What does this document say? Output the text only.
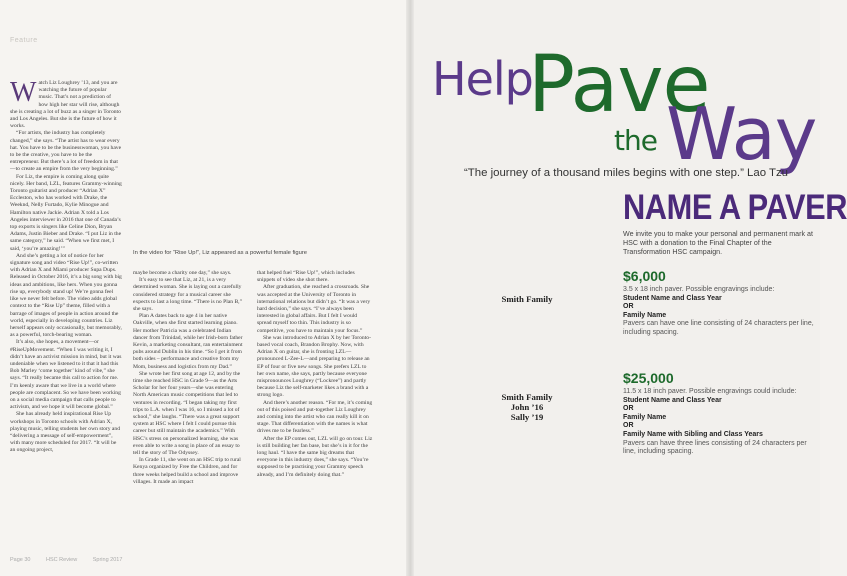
Feature

Watch Liz Loughrey ’13, and you are watching the future of popular music. That’s not a prediction of how high her star will rise, although she is creating a lot of buzz as a singer in Toronto and Los Angeles. But she is the future of how it works.

“For artists, the industry has completely changed,” she says. “The artist has to wear every hat. You have to be the businesswoman, you have to be the creative, you have to be the entrepreneur. But there’s a lot of freedom in that—to create an empire from the very beginning.”

For Liz, the empire is coming along quite nicely. Her band, LZL, features Grammy-winning Toronto guitarist and producer “Adrian X” Eccleston, who has worked with Drake, the Weeknd, Nelly Furtado, Kylie Minogue and Hamilton native Jackie. Adrian X told a Los Angeles interviewer in 2016 that one of Canada’s top exports is singers like Celine Dion, Bryan Adams, Justin Bieber and Drake. “I put Liz in the same category,” he said. “When we first met, I said, ‘you’re amazing!’”

And she’s getting a lot of notice for her signature song and video “Rise Up!”, co-written with Adrian X and Miami producer Supa Dups. Released in October 2016, it’s a big song with big ideas and ambitions, like hers. When you gonna rise up, everybody stand up! We’re gonna feel like we never felt before. The video adds global context to the “Rise Up” theme, filled with a barrage of images of people in action around the world, especially in developing countries. Liz herself appears only occasionally, but memorably, as a powerful, torch-bearing woman.

It’s also, she hopes, a movement—or #RiseUpMovement. “When I was writing it, I didn’t have an activist mission in mind, but it was undeniable when we listened to it that it had this Bob Marley ‘come together’ kind of vibe,” she says. “It really became this call to action for me. I’m keenly aware that we live in a world where people are complacent. So we have been working on a social media campaign that calls people to activism, and we hope it will become global.”

She has already held inspirational Rise Up workshops in Toronto schools with Adrian X, playing music, telling students her own story and “delivering a message of self-empowerment”, with many more scheduled for 2017. “It will be an ongoing project,

In the video for “Rise Up!”, Liz appeared as a powerful female figure

maybe become a charity one day,” she says.

It’s easy to see that Liz, at 21, is a very determined woman. She is laying out a carefully considered strategy for a musical career she expects to last a long time. “There is no Plan B,” she says.

Plan A dates back to age 4 in her native Oakville, when she first started learning piano. Her mother Patricia was a celebrated Indian dancer from Trinidad, while her Irish-born father Kevin, a marketing consultant, ran entertainment pubs around Dublin in his time. “So I get it from both sides – performance and creative from my Mom, business and logistics from my Dad.”

She wrote her first song at age 12, and by the time she reached HSC in Grade 9—as the Arts Scholar for her four years—she was entering North American music competitions that led to ventures in recording. “I began taking my first trips to L.A. when I was 16, so I missed a lot of school,” she laughs. “There was a great support system at HSC where I felt I could pursue this career but still maintain the academics.” With HSC’s stress on personalized learning, she was even able to write a song in place of an essay to tell the story of The Odyssey.

In Grade 11, she went on an HSC trip to rural Kenya organized by Free the Children, and for three weeks helped build a school and improve villages. It made an impact

that helped fuel “Rise Up!”, which includes snippets of video she shot there.

After graduation, she reached a crossroads. She was accepted at the University of Toronto in international relations but didn’t go. “It was a very hard decision,” she says. “I’ve always been interested in global affairs. But I felt I would spread myself too thin. This industry is so competitive, you have to maintain your focus.”

She was introduced to Adrian X by her Toronto-based vocal coach, Brandon Brophy. Now, with Adrian X on guitar, she is fronting LZL—pronounced L-Zee-L—and preparing to release an EP of four or five new songs. She prefers LZL to her own name, she says, partly because everyone mispronounces Loughrey (“Lockree”) and partly because Liz the self-marketer likes a brand with a strong logo.

And there’s another reason. “For me, it’s coming out of this poised and put-together Liz Loughrey and coming into the artist who can really kill it on stage. That differentiation with the names is what drives me to be fearless.”

After the EP comes out, LZL will go on tour. Liz is still building her fan base, but she’s in it for the long haul. “I have the same big dreams that everyone in this industry does,” she says. “You’re supposed to be practising your Grammy speech already, and I’m definitely doing that.”

Page 30	HSC Review	Spring 2017
Help
Pave
the Way
“The journey of a thousand miles begins with one step.” Lao Tzu
NAME A PAVER
We invite you to make your personal and permanent mark at HSC with a donation to the Final Chapter of the Transformation HSC campaign.
Smith Family
Smith Family
John ’16
Sally ’19
$6,000
3.5 x 18 inch paver. Possible engravings include:
Student Name and Class Year
OR
Family Name
Pavers can have one line consisting of 24 characters per line, including spacing.
$25,000
11.5 x 18 inch paver. Possible engravings could include:
Student Name and Class Year
OR
Family Name
OR
Family Name with Sibling and Class Years
Pavers can have three lines consisting of 24 characters per line, including spacing.
